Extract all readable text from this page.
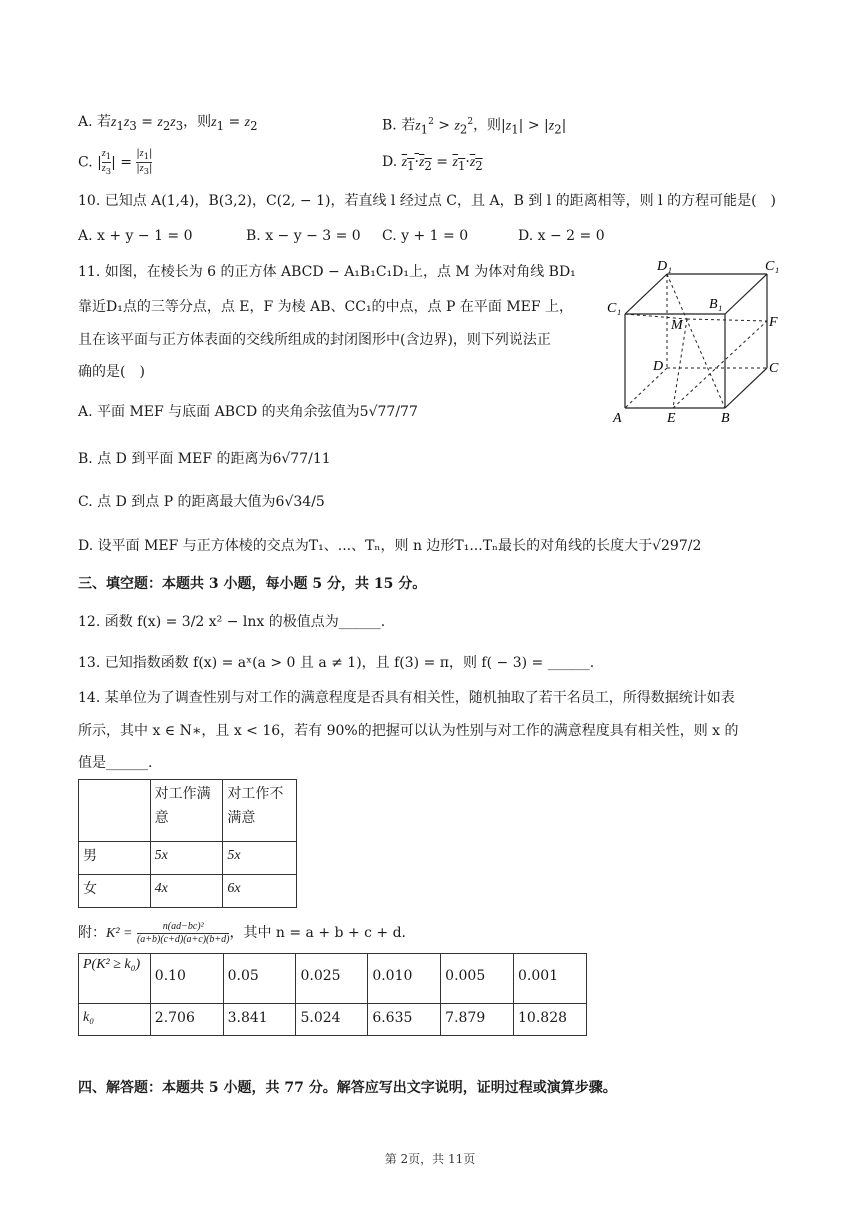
A. 若$z_1z_3 = z_2z_3$，则$z_1 = z_2$	B. 若$z_1^2 > z_2^2$，则$|z_1| > |z_2|$
C. $|z_1$

$z_3$
| = $|z_1|$

$|z_3|$	D. $z_1\cdot z_2 = z_1\cdot z_2$
10. 已知点 A(1,4)，B(3,2)，C(2, − 1)，若直线 l 经过点 C，且 A，B 到 l 的距离相等，则 l 的方程可能是(　)
A. x + y − 1 = 0	B. x − y − 3 = 0 C. y + 1 = 0	D. x − 2 = 0
11. 如图，在棱长为 6 的正方体 ABCD − A₁B₁C₁D₁上，点 M 为体对角线 BD₁
靠近D₁点的三等分点，点 E，F 为棱 AB、CC₁的中点，点 P 在平面 MEF 上，
且在该平面与正方体表面的交线所组成的封闭图形中(含边界)，则下列说法正
确的是(　)
A. 平面 MEF 与底面 ABCD 的夹角余弦值为5√77/77
B. 点 D 到平面 MEF 的距离为6√77/11
C. 点 D 到点 P 的距离最大值为6√34/5
D. 设平面 MEF 与正方体棱的交点为T₁、...、Tₙ，则 n 边形T₁...Tₙ最长的对角线的长度大于√297/2
D₁	C₁
C₁	B₁
M	F
D	C
A	E	B
三、填空题：本题共 3 小题，每小题 5 分，共 15 分。
12. 函数 f(x) = 3/2 x² − lnx 的极值点为______.
13. 已知指数函数 f(x) = aˣ(a > 0 且 a ≠ 1)，且 f(3) = π，则 f( − 3) = ______.
14. 某单位为了调查性别与对工作的满意程度是否具有相关性，随机抽取了若干名员工，所得数据统计如表
所示，其中 x ∈ N∗，且 x < 16，若有 90%的把握可以认为性别与对工作的满意程度具有相关性，则 x 的
值是______.
	对工作满意	对工作不满意
男	5x	5x
女	4x	6x
附：$K^2 = \frac{\text{n(ad−bc)²}}{(a+b)(c+d)(a+c)(b+d)}$ ，其中 n = a + b + c + d.
P(K² ≥ k₀)	0.10	0.05	0.025	0.010	0.005	0.001
k₀	2.706	3.841	5.024	6.635	7.879	10.828
四、解答题：本题共 5 小题，共 77 分。解答应写出文字说明，证明过程或演算步骤。
第 2页，共 11页
